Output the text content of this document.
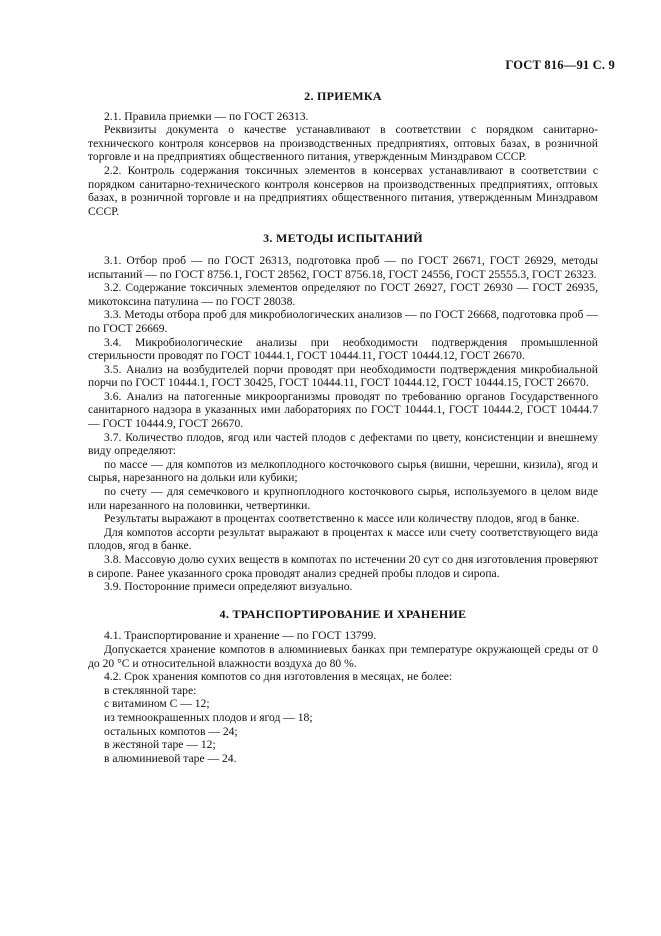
ГОСТ 816—91 С. 9
2. ПРИЕМКА

2.1. Правила приемки — по ГОСТ 26313.

Реквизиты документа о качестве устанавливают в соответствии с порядком санитарно-технического контроля консервов на производственных предприятиях, оптовых базах, в розничной торговле и на предприятиях общественного питания, утвержденным Минздравом СССР.

2.2. Контроль содержания токсичных элементов в консервах устанавливают в соответствии с порядком санитарно-технического контроля консервов на производственных предприятиях, оптовых базах, в розничной торговле и на предприятиях общественного питания, утвержденным Минздравом СССР.

3. МЕТОДЫ ИСПЫТАНИЙ

3.1. Отбор проб — по ГОСТ 26313, подготовка проб — по ГОСТ 26671, ГОСТ 26929, методы испытаний — по ГОСТ 8756.1, ГОСТ 28562, ГОСТ 8756.18, ГОСТ 24556, ГОСТ 25555.3, ГОСТ 26323.

3.2. Содержание токсичных элементов определяют по ГОСТ 26927, ГОСТ 26930 — ГОСТ 26935, микотоксина патулина — по ГОСТ 28038.

3.3. Методы отбора проб для микробиологических анализов — по ГОСТ 26668, подготовка проб — по ГОСТ 26669.

3.4. Микробиологические анализы при необходимости подтверждения промышленной стерильности проводят по ГОСТ 10444.1, ГОСТ 10444.11, ГОСТ 10444.12, ГОСТ 26670.

3.5. Анализ на возбудителей порчи проводят при необходимости подтверждения микробиальной порчи по ГОСТ 10444.1, ГОСТ 30425, ГОСТ 10444.11, ГОСТ 10444.12, ГОСТ 10444.15, ГОСТ 26670.

3.6. Анализ на патогенные микроорганизмы проводят по требованию органов Государственного санитарного надзора в указанных ими лабораториях по ГОСТ 10444.1, ГОСТ 10444.2, ГОСТ 10444.7— ГОСТ 10444.9, ГОСТ 26670.

3.7. Количество плодов, ягод или частей плодов с дефектами по цвету, консистенции и внешнему виду определяют:

по массе — для компотов из мелкоплодного косточкового сырья (вишни, черешни, кизила), ягод и сырья, нарезанного на дольки или кубики;

по счету — для семечкового и крупноплодного косточкового сырья, используемого в целом виде или нарезанного на половинки, четвертинки.

Результаты выражают в процентах соответственно к массе или количеству плодов, ягод в банке.

Для компотов ассорти результат выражают в процентах к массе или счету соответствующего вида плодов, ягод в банке.

3.8. Массовую долю сухих веществ в компотах по истечении 20 сут со дня изготовления проверяют в сиропе. Ранее указанного срока проводят анализ средней пробы плодов и сиропа.

3.9. Посторонние примеси определяют визуально.

4. ТРАНСПОРТИРОВАНИЕ И ХРАНЕНИЕ

4.1. Транспортирование и хранение — по ГОСТ 13799.

Допускается хранение компотов в алюминиевых банках при температуре окружающей среды от 0 до 20 °С и относительной влажности воздуха до 80 %.

4.2. Срок хранения компотов со дня изготовления в месяцах, не более:

в стеклянной таре:

с витамином С — 12;

из темноокрашенных плодов и ягод — 18;

остальных компотов — 24;

в жестяной таре — 12;

в алюминиевой таре — 24.
